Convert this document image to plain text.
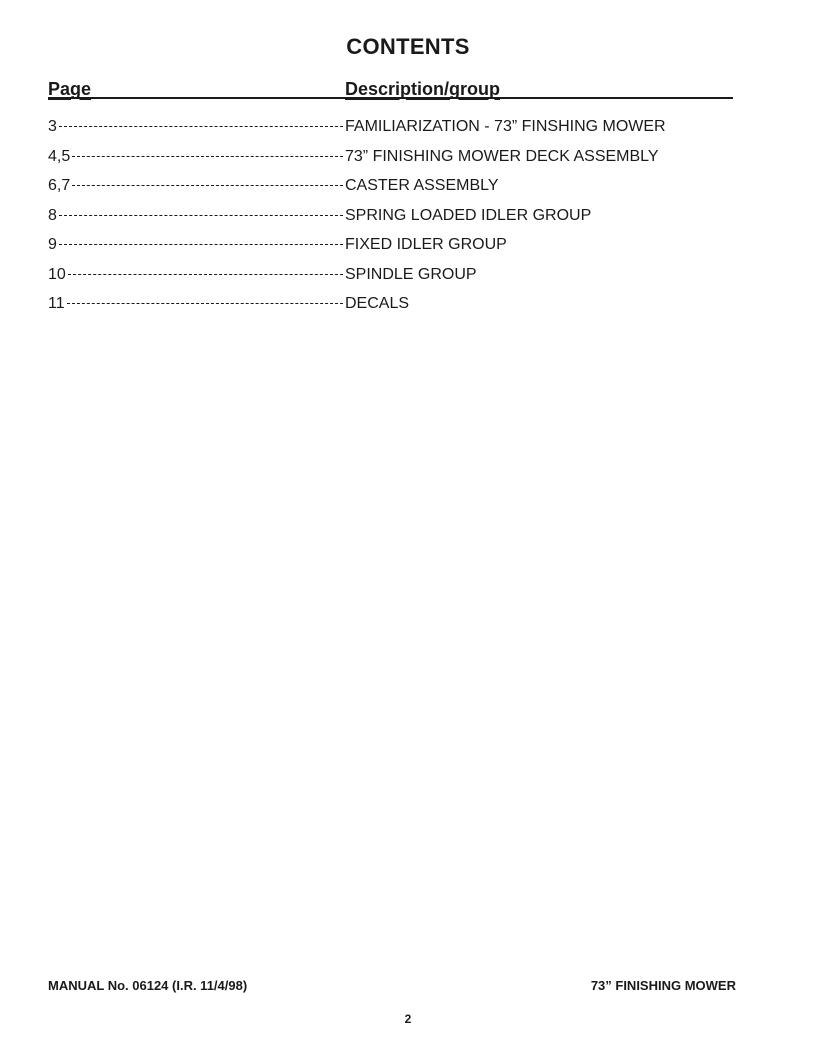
CONTENTS
Page	Description/group
3	FAMILIARIZATION - 73” FINSHING MOWER
4,5	73” FINISHING MOWER DECK ASSEMBLY
6,7	CASTER ASSEMBLY
8	SPRING LOADED IDLER GROUP
9	FIXED IDLER GROUP
10	SPINDLE GROUP
11	DECALS
MANUAL No. 06124 (I.R. 11/4/98)	73” FINISHING MOWER
2
